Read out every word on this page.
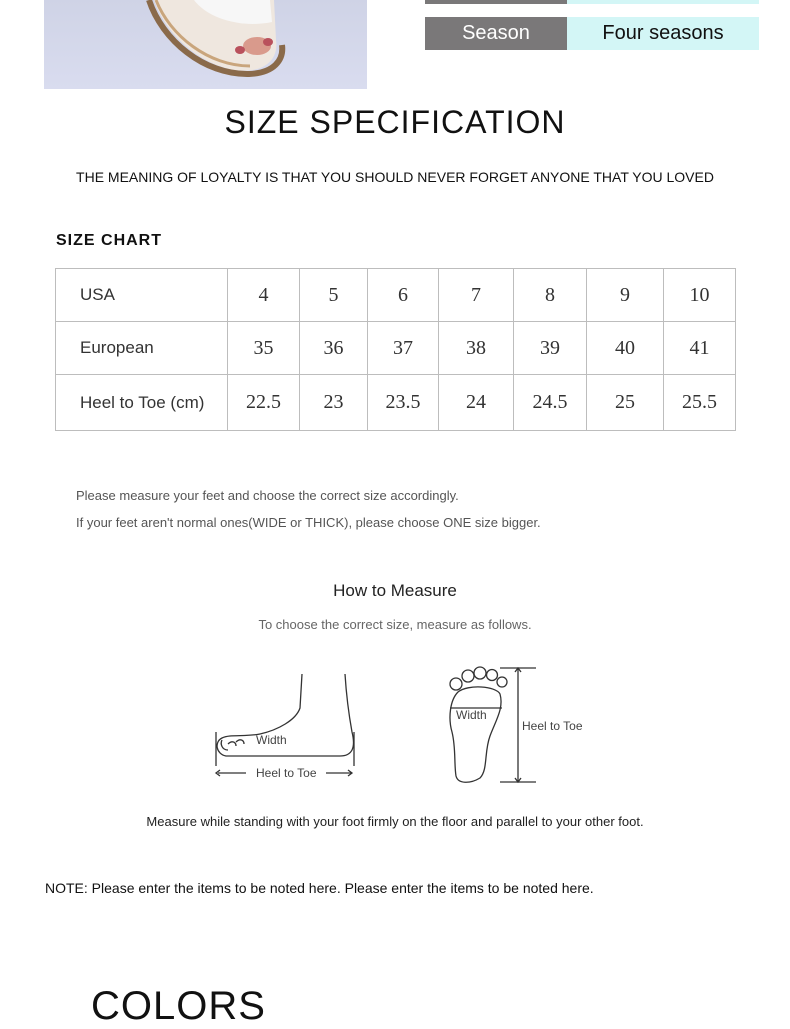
Season	Four seasons
SIZE SPECIFICATION
THE MEANING OF LOYALTY IS THAT YOU SHOULD NEVER FORGET ANYONE THAT YOU LOVED
SIZE CHART
USA	4	5	6	7	8	9	10
European	35	36	37	38	39	40	41
Heel to Toe (cm)	22.5	23	23.5	24	24.5	25	25.5
Please measure your feet and choose the correct size accordingly.
If your feet aren't normal ones(WIDE or THICK), please choose ONE size bigger.
How to Measure
To choose the correct size, measure as follows.
Width
Heel to Toe
Width
Heel to Toe
Measure while standing with your foot firmly on the floor and parallel to your other foot.
NOTE: Please enter the items to be noted here. Please enter the items to be noted here.
COLORS
